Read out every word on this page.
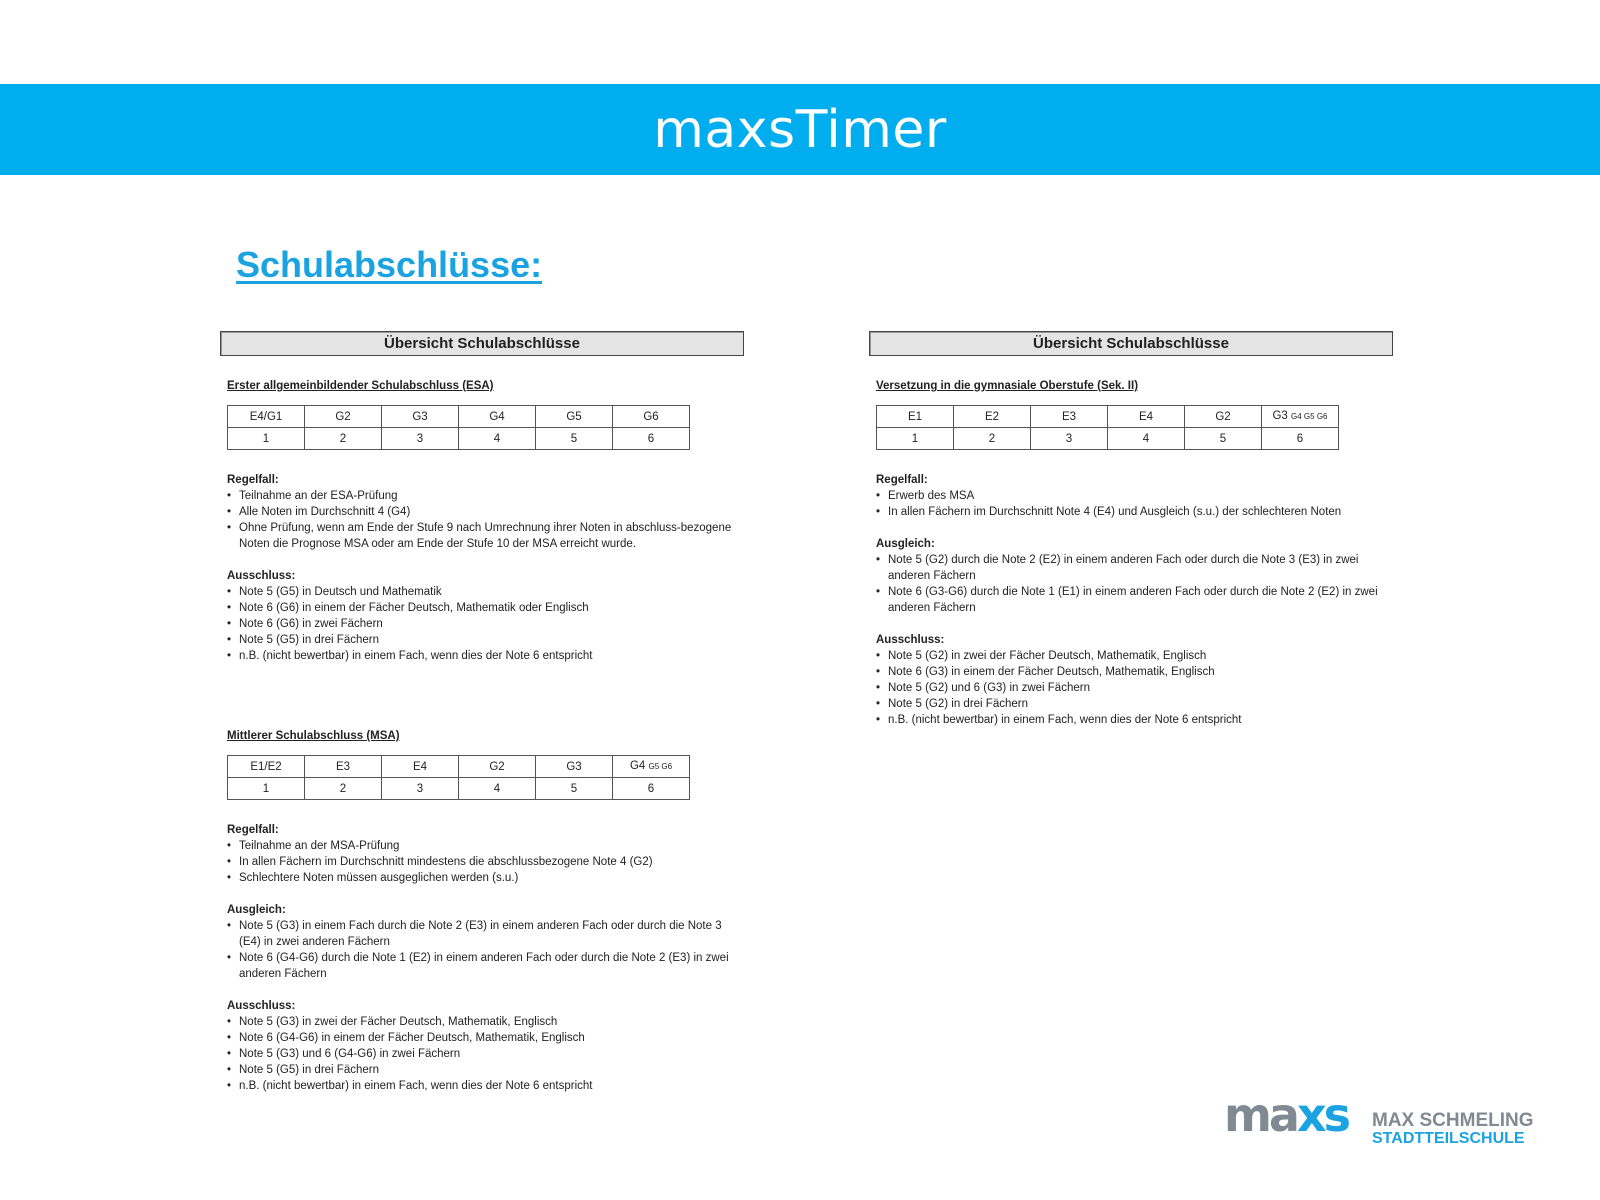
maxsTimer
Schulabschlüsse:
Übersicht Schulabschlüsse
Erster allgemeinbildender Schulabschluss (ESA)
E4/G1	G2	G3	G4	G5	G6
1	2	3	4	5	6
Regelfall:
• Teilnahme an der ESA-Prüfung
• Alle Noten im Durchschnitt 4 (G4)
• Ohne Prüfung, wenn am Ende der Stufe 9 nach Umrechnung ihrer Noten in abschluss-bezogene Noten die Prognose MSA oder am Ende der Stufe 10 der MSA erreicht wurde.
Ausschluss:
• Note 5 (G5) in Deutsch und Mathematik
• Note 6 (G6) in einem der Fächer Deutsch, Mathematik oder Englisch
• Note 6 (G6) in zwei Fächern
• Note 5 (G5) in drei Fächern
• n.B. (nicht bewertbar) in einem Fach, wenn dies der Note 6 entspricht
Mittlerer Schulabschluss (MSA)
E1/E2	E3	E4	G2	G3	G4 G5 G6
1	2	3	4	5	6
Regelfall:
• Teilnahme an der MSA-Prüfung
• In allen Fächern im Durchschnitt mindestens die abschlussbezogene Note 4 (G2)
• Schlechtere Noten müssen ausgeglichen werden (s.u.)
Ausgleich:
• Note 5 (G3) in einem Fach durch die Note 2 (E3) in einem anderen Fach oder durch die Note 3 (E4) in zwei anderen Fächern
• Note 6 (G4-G6) durch die Note 1 (E2) in einem anderen Fach oder durch die Note 2 (E3) in zwei anderen Fächern
Ausschluss:
• Note 5 (G3) in zwei der Fächer Deutsch, Mathematik, Englisch
• Note 6 (G4-G6) in einem der Fächer Deutsch, Mathematik, Englisch
• Note 5 (G3) und 6 (G4-G6) in zwei Fächern
• Note 5 (G5) in drei Fächern
• n.B. (nicht bewertbar) in einem Fach, wenn dies der Note 6 entspricht
Übersicht Schulabschlüsse
Versetzung in die gymnasiale Oberstufe (Sek. II)
E1	E2	E3	E4	G2	G3 G4 G5 G6
1	2	3	4	5	6
Regelfall:
• Erwerb des MSA
• In allen Fächern im Durchschnitt Note 4 (E4) und Ausgleich (s.u.) der schlechteren Noten
Ausgleich:
• Note 5 (G2) durch die Note 2 (E2) in einem anderen Fach oder durch die Note 3 (E3) in zwei anderen Fächern
• Note 6 (G3-G6) durch die Note 1 (E1) in einem anderen Fach oder durch die Note 2 (E2) in zwei anderen Fächern
Ausschluss:
• Note 5 (G2) in zwei der Fächer Deutsch, Mathematik, Englisch
• Note 6 (G3) in einem der Fächer Deutsch, Mathematik, Englisch
• Note 5 (G2) und 6 (G3) in zwei Fächern
• Note 5 (G2) in drei Fächern
• n.B. (nicht bewertbar) in einem Fach, wenn dies der Note 6 entspricht
maxs MAX SCHMELING
STADTTEILSCHULE
